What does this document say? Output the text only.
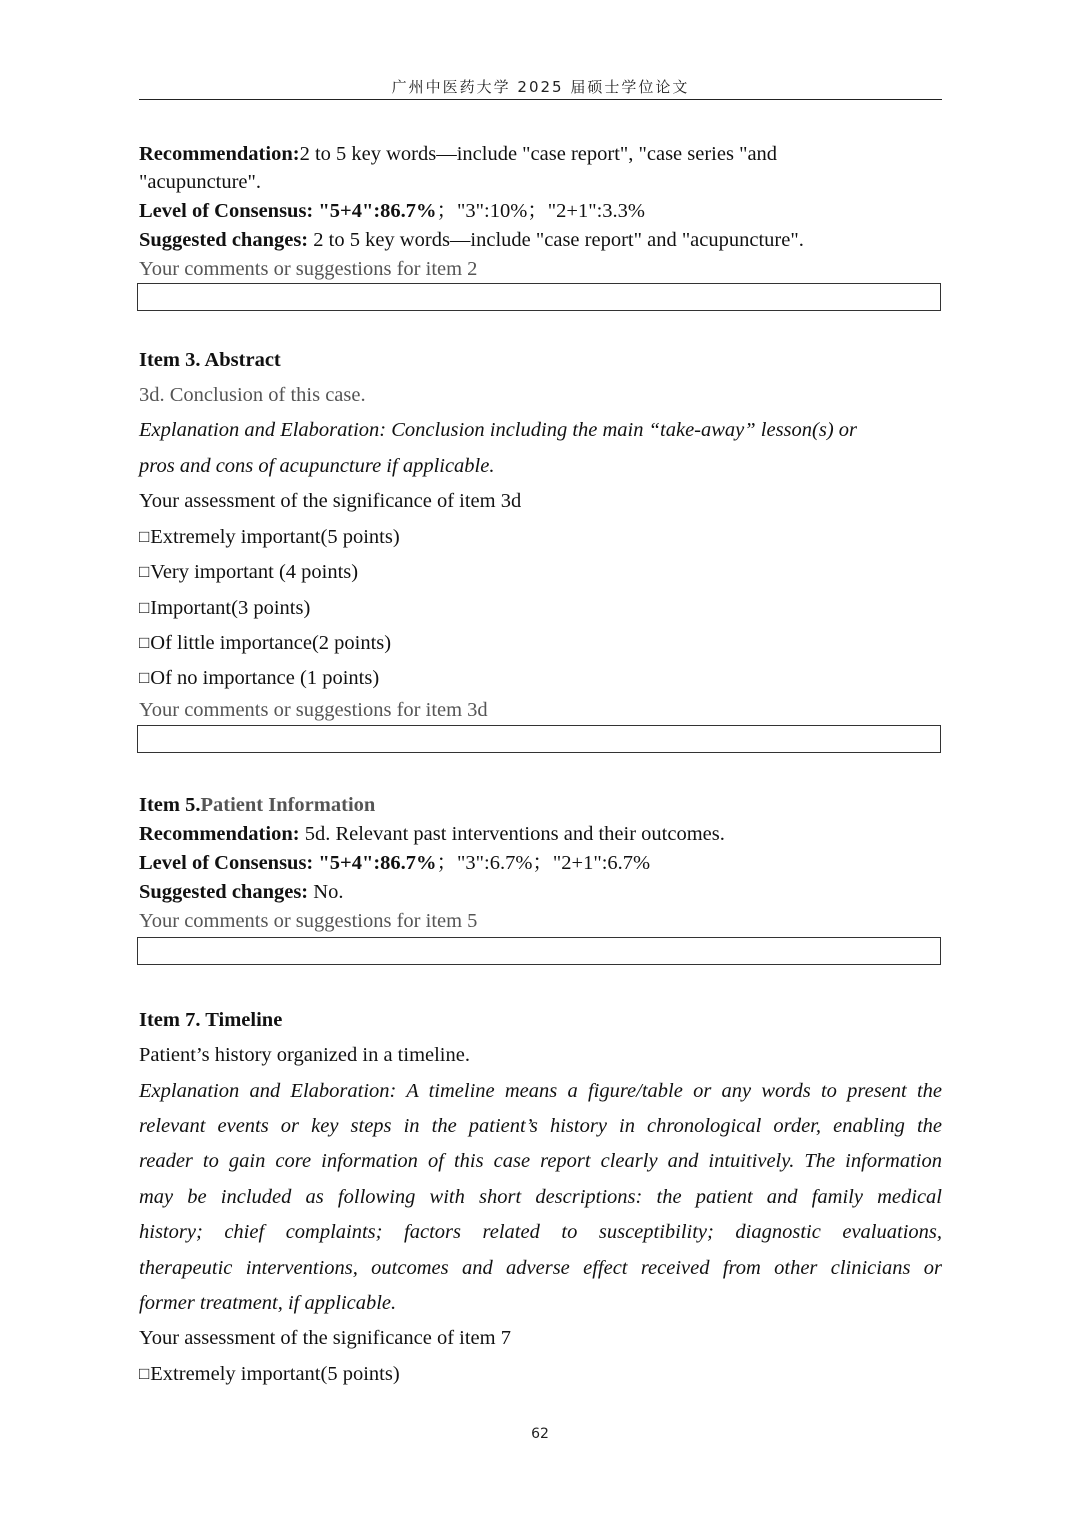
广州中医药大学 2025 届硕士学位论文
Recommendation:2 to 5 key words—include "case report", "case series "and
"acupuncture".
Level of Consensus: "5+4":86.7%；"3":10%；"2+1":3.3%
Suggested changes: 2 to 5 key words—include "case report" and "acupuncture".
Your comments or suggestions for item 2
Item 3. Abstract
3d. Conclusion of this case.
Explanation and Elaboration: Conclusion including the main “take-away” lesson(s) or
pros and cons of acupuncture if applicable.
Your assessment of the significance of item 3d
□Extremely important(5 points)
□Very important (4 points)
□Important(3 points)
□Of little importance(2 points)
□Of no importance (1 points)
Your comments or suggestions for item 3d
Item 5.Patient Information
Recommendation: 5d. Relevant past interventions and their outcomes.
Level of Consensus: "5+4":86.7%；"3":6.7%；"2+1":6.7%
Suggested changes: No.
Your comments or suggestions for item 5
Item 7. Timeline
Patient’s history organized in a timeline.
Explanation and Elaboration: A timeline means a figure/table or any words to present the
relevant events or key steps in the patient’s history in chronological order, enabling the
reader to gain core information of this case report clearly and intuitively. The information
may be included as following with short descriptions: the patient and family medical
history; chief complaints; factors related to susceptibility; diagnostic evaluations,
therapeutic interventions, outcomes and adverse effect received from other clinicians or
former treatment, if applicable.
Your assessment of the significance of item 7
□Extremely important(5 points)
62
